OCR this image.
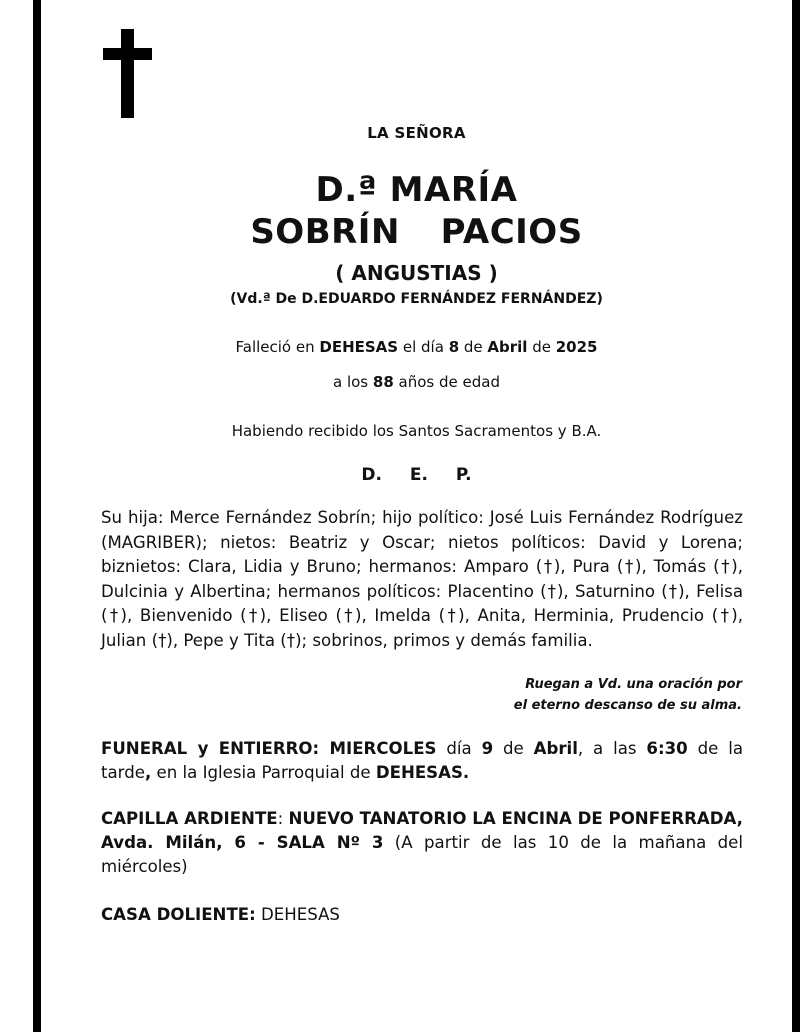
LA SEÑORA
D.ª MARÍA
SOBRÍN  PACIOS
( ANGUSTIAS )
(Vd.ª De D.EDUARDO FERNÁNDEZ FERNÁNDEZ)
Falleció en DEHESAS el día 8 de Abril de 2025
a los 88 años de edad
Habiendo recibido los Santos Sacramentos y B.A.
D. E. P.
Su hija: Merce Fernández Sobrín; hijo político: José Luis Fernández Rodríguez (MAGRIBER); nietos: Beatriz y Oscar; nietos políticos: David y Lorena; biznietos: Clara, Lidia y Bruno; hermanos: Amparo (†), Pura (†), Tomás (†), Dulcinia y Albertina; hermanos políticos: Placentino (†), Saturnino (†), Felisa (†), Bienvenido (†), Eliseo (†), Imelda (†), Anita, Herminia, Prudencio (†), Julian (†), Pepe y Tita (†); sobrinos, primos y demás familia.
Ruegan a Vd. una oración por
el eterno descanso de su alma.
FUNERAL y ENTIERRO: MIERCOLES día 9 de Abril, a las 6:30 de la tarde, en la Iglesia Parroquial de DEHESAS.
CAPILLA ARDIENTE: NUEVO TANATORIO LA ENCINA DE PONFERRADA, Avda. Milán, 6 - SALA Nº 3 (A partir de las 10 de la mañana del miércoles)
CASA DOLIENTE: DEHESAS
